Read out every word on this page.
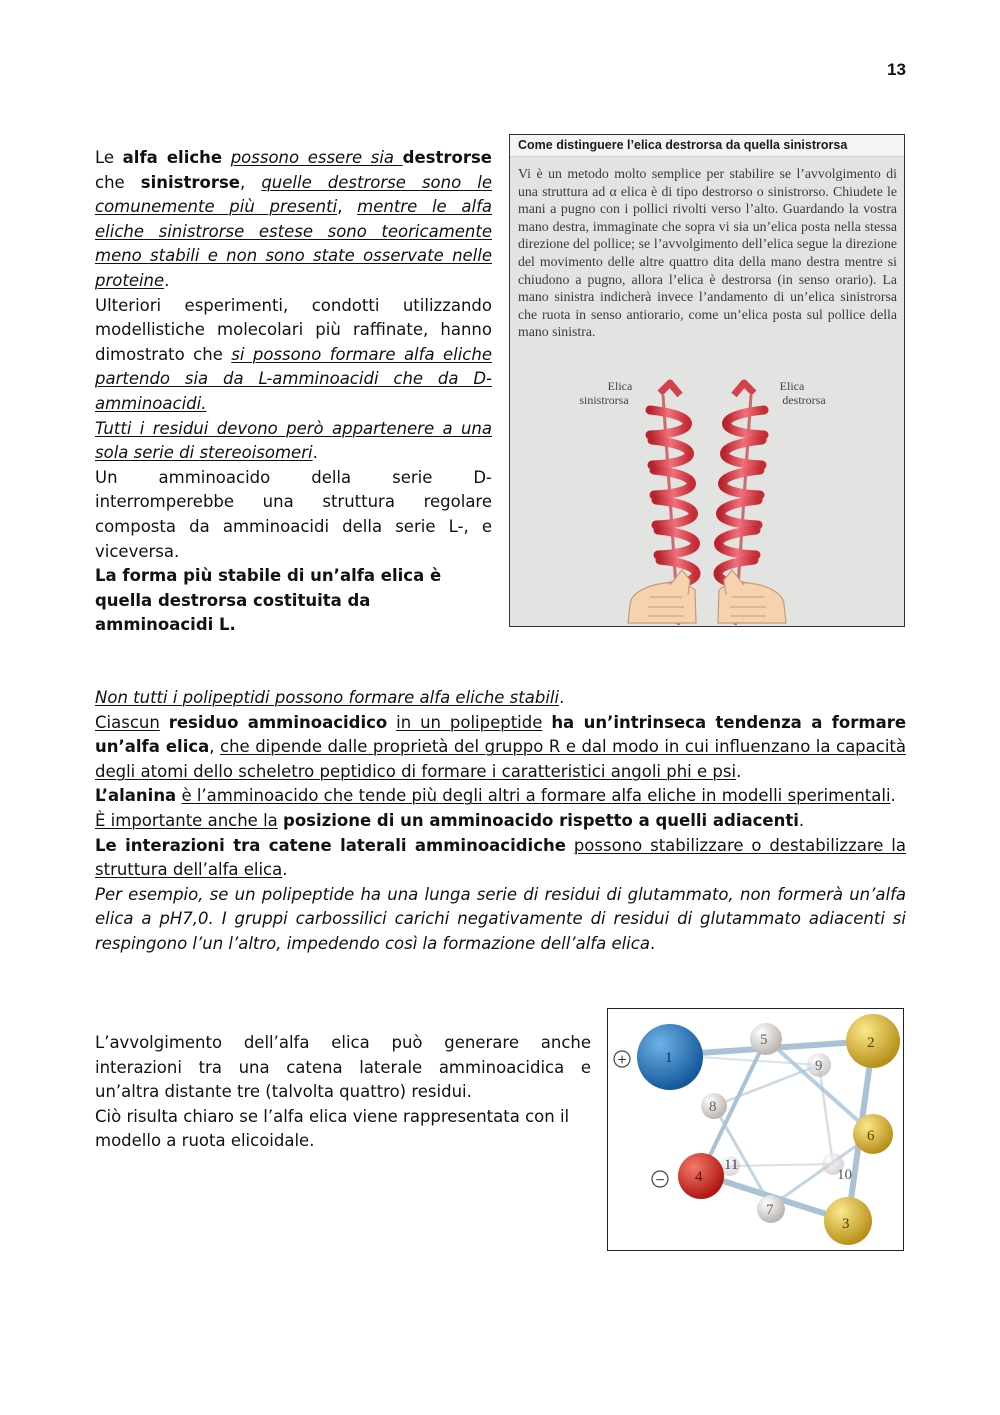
13

Le alfa eliche possono essere sia destrorse che sinistrorse, quelle destrorse sono le comunemente più presenti, mentre le alfa eliche sinistrorse estese sono teoricamente meno stabili e non sono state osservate nelle proteine.

Ulteriori esperimenti, condotti utilizzando modellistiche molecolari più raffinate, hanno dimostrato che si possono formare alfa eliche partendo sia da L-amminoacidi che da D-amminoacidi.

Tutti i residui devono però appartenere a una sola serie di stereoisomeri.

Un amminoacido della serie D- interromperebbe una struttura regolare composta da amminoacidi della serie L-, e viceversa.

La forma più stabile di un’alfa elica è quella destrorsa costituita da amminoacidi L.

Come distinguere l’elica destrorsa da quella sinistrorsa
Vi è un metodo molto semplice per stabilire se l’avvolgimento di una struttura ad α elica è di tipo destrorso o sinistrorso. Chiudete le mani a pugno con i pollici rivolti verso l’alto. Guardando la vostra mano destra, immaginate che sopra vi sia un’elica posta nella stessa direzione del pollice; se l’avvolgimento dell’elica segue la direzione del movimento delle altre quattro dita della mano destra mentre si chiudono a pugno, allora l’elica è destrorsa (in senso orario). La mano sinistra indicherà invece l’andamento di un’elica sinistrorsa che ruota in senso antiorario, come un’elica posta sul pollice della mano sinistra.
Elica
sinistrorsa
Elica
destrorsa

Non tutti i polipeptidi possono formare alfa eliche stabili.

Ciascun residuo amminoacidico in un polipeptide ha un’intrinseca tendenza a formare un’alfa elica, che dipende dalle proprietà del gruppo R e dal modo in cui influenzano la capacità degli atomi dello scheletro peptidico di formare i caratteristici angoli phi e psi.

L’alanina è l’amminoacido che tende più degli altri a formare alfa eliche in modelli sperimentali.

È importante anche la posizione di un amminoacido rispetto a quelli adiacenti.

Le interazioni tra catene laterali amminoacidiche possono stabilizzare o destabilizzare la struttura dell’alfa elica.

Per esempio, se un polipeptide ha una lunga serie di residui di glutammato, non formerà un’alfa elica a pH7,0. I gruppi carbossilici carichi negativamente di residui di glutammato adiacenti si respingono l’un l’altro, impedendo così la formazione dell’alfa elica.

L’avvolgimento dell’alfa elica può generare anche interazioni tra una catena laterale amminoacidica e un’altra distante tre (talvolta quattro) residui.

Ciò risulta chiaro se l’alfa elica viene rappresentata con il modello a ruota elicoidale.

10
11
9
8
7
5
6
4
3
2
1
+
−
